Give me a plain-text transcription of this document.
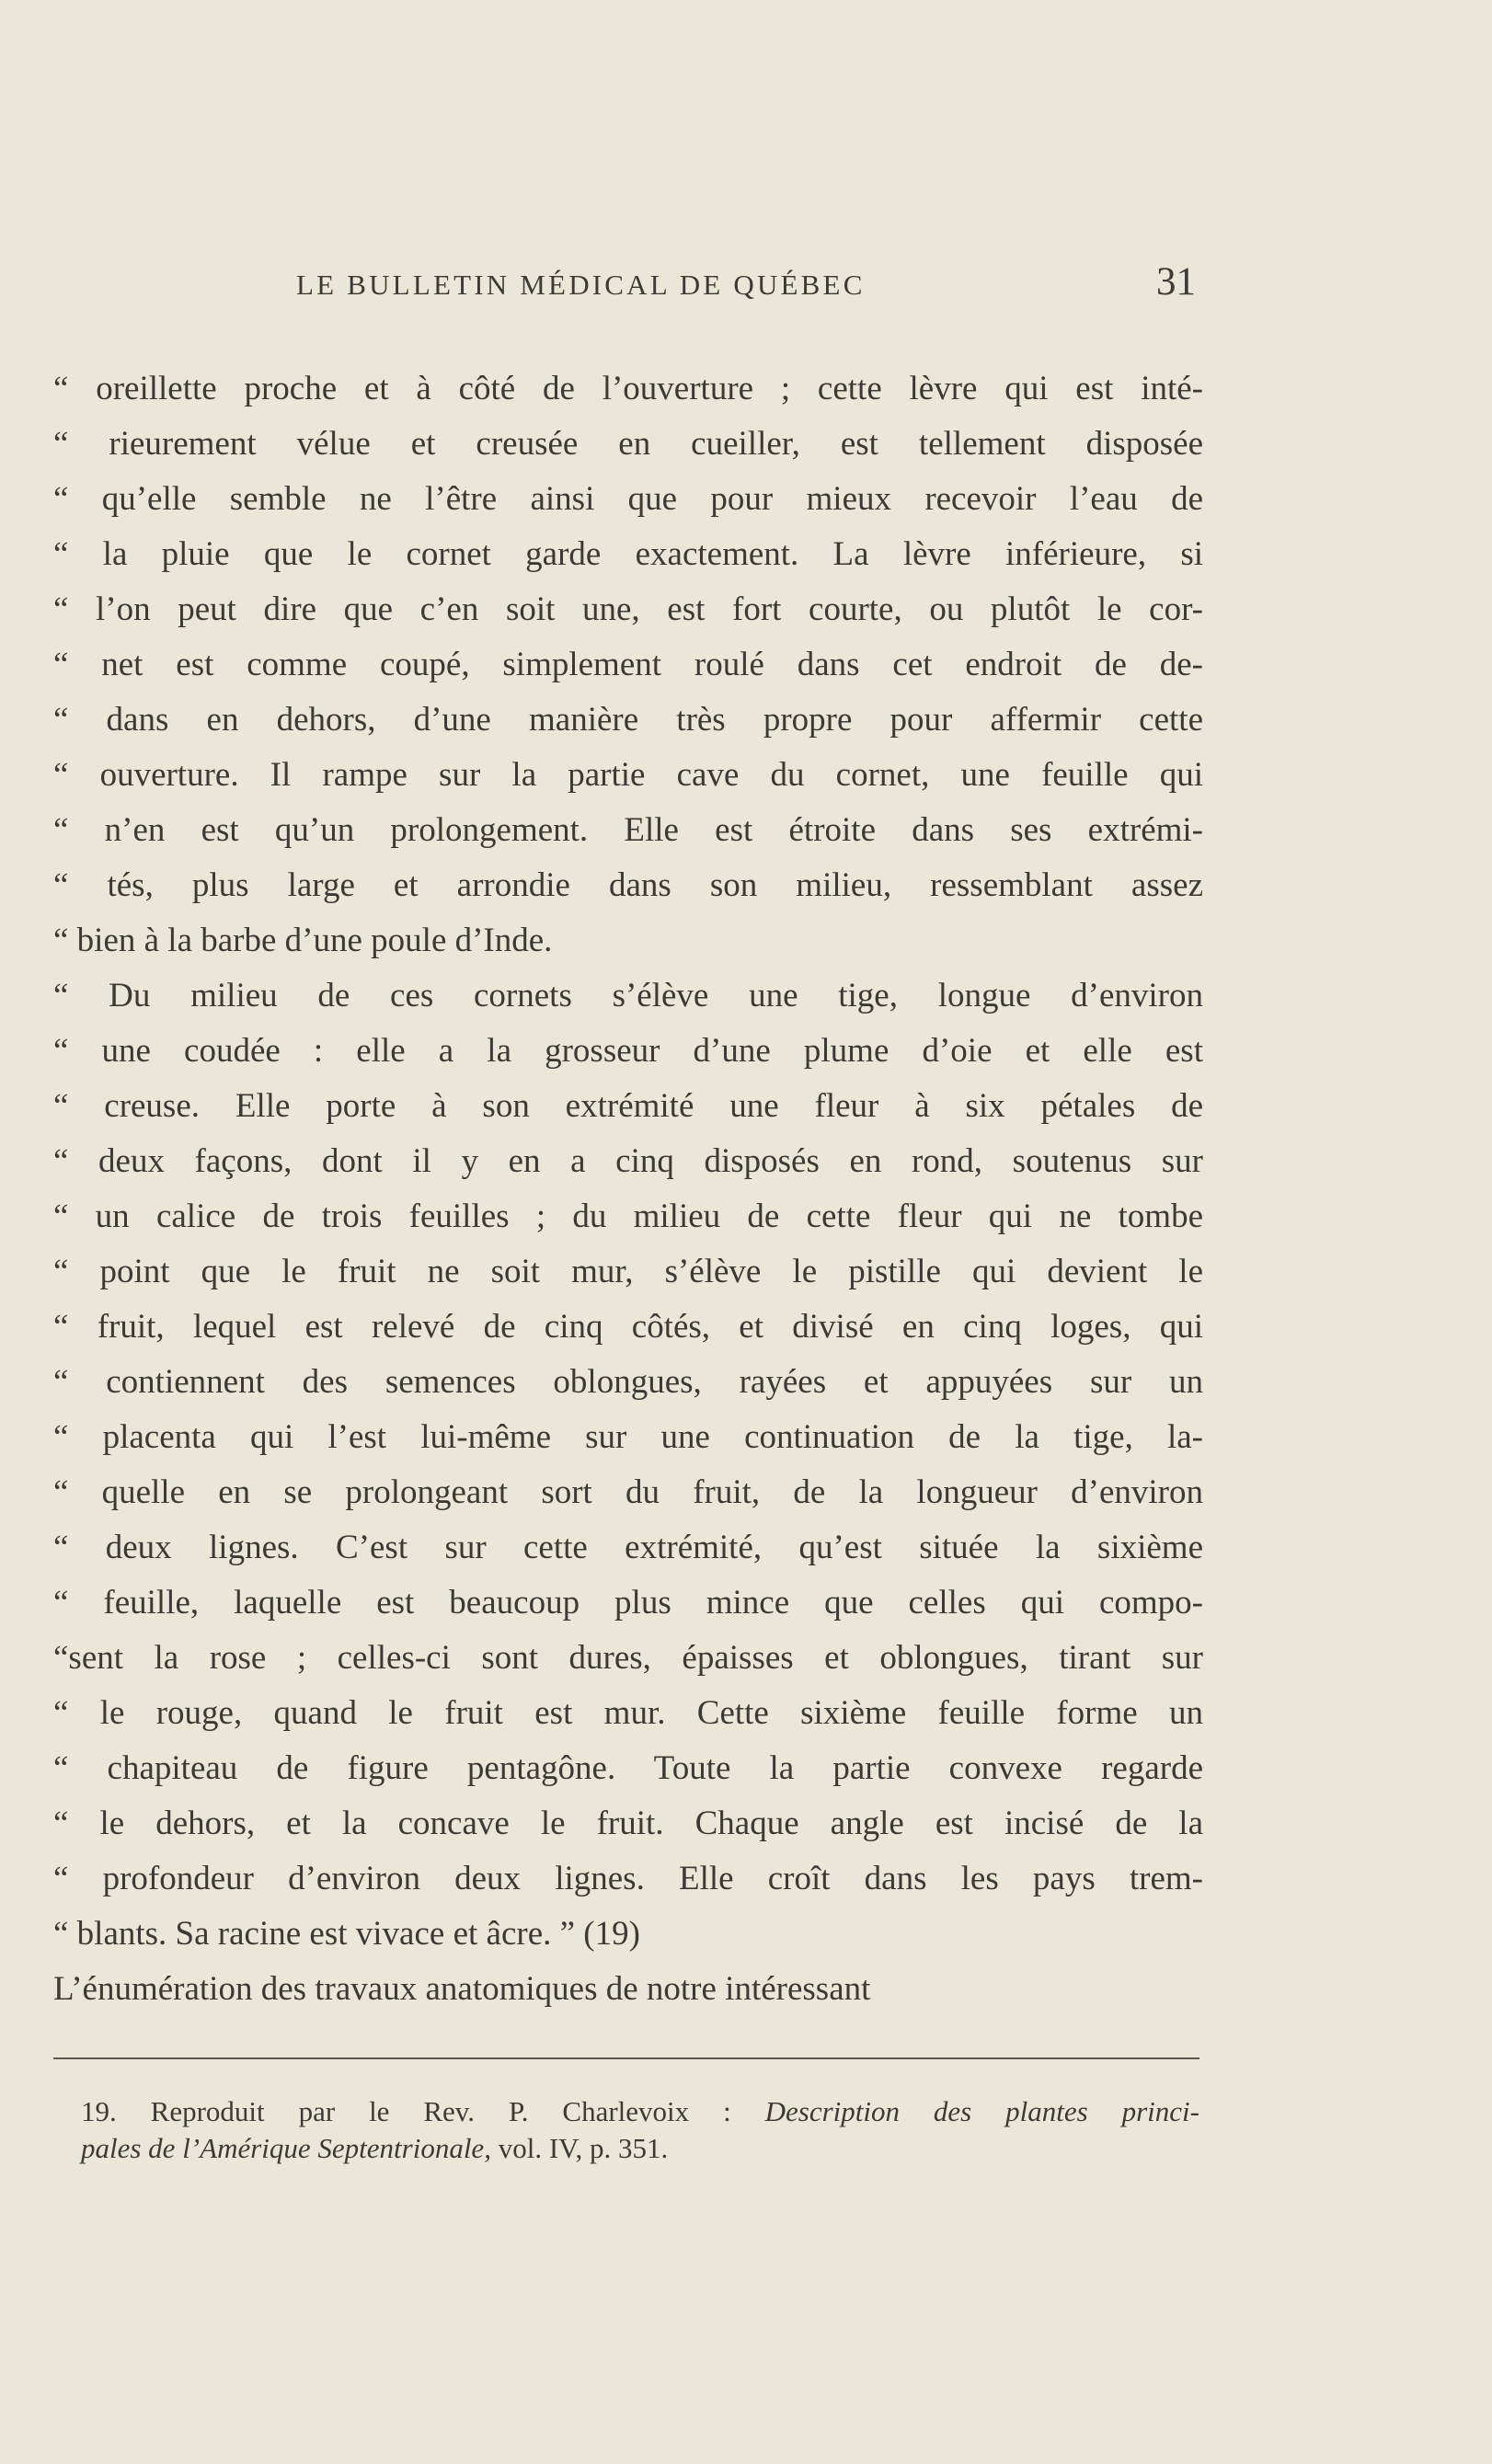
LE BULLETIN MÉDICAL DE QUÉBEC	31
“ oreillette proche et à côté de l’ouverture ; cette lèvre qui est inté-
“ rieurement vélue et creusée en cueiller, est tellement disposée
“ qu’elle semble ne l’être ainsi que pour mieux recevoir l’eau de
“ la pluie que le cornet garde exactement. La lèvre inférieure, si
“ l’on peut dire que c’en soit une, est fort courte, ou plutôt le cor-
“ net est comme coupé, simplement roulé dans cet endroit de de-
“ dans en dehors, d’une manière très propre pour affermir cette
“ ouverture. Il rampe sur la partie cave du cornet, une feuille qui
“ n’en est qu’un prolongement. Elle est étroite dans ses extrémi-
“ tés, plus large et arrondie dans son milieu, ressemblant assez
“ bien à la barbe d’une poule d’Inde.
“ Du milieu de ces cornets s’élève une tige, longue d’environ
“ une coudée : elle a la grosseur d’une plume d’oie et elle est
“ creuse. Elle porte à son extrémité une fleur à six pétales de
“ deux façons, dont il y en a cinq disposés en rond, soutenus sur
“ un calice de trois feuilles ; du milieu de cette fleur qui ne tombe
“ point que le fruit ne soit mur, s’élève le pistille qui devient le
“ fruit, lequel est relevé de cinq côtés, et divisé en cinq loges, qui
“ contiennent des semences oblongues, rayées et appuyées sur un
“ placenta qui l’est lui-même sur une continuation de la tige, la-
“ quelle en se prolongeant sort du fruit, de la longueur d’environ
“ deux lignes. C’est sur cette extrémité, qu’est située la sixième
“ feuille, laquelle est beaucoup plus mince que celles qui compo-
“sent la rose ; celles-ci sont dures, épaisses et oblongues, tirant sur
“ le rouge, quand le fruit est mur. Cette sixième feuille forme un
“ chapiteau de figure pentagône. Toute la partie convexe regarde
“ le dehors, et la concave le fruit. Chaque angle est incisé de la
“ profondeur d’environ deux lignes. Elle croît dans les pays trem-
“ blants. Sa racine est vivace et âcre. ” (19)
L’énumération des travaux anatomiques de notre intéressant
19. Reproduit par le Rev. P. Charlevoix : Description des plantes princi-
pales de l’Amérique Septentrionale, vol. IV, p. 351.
